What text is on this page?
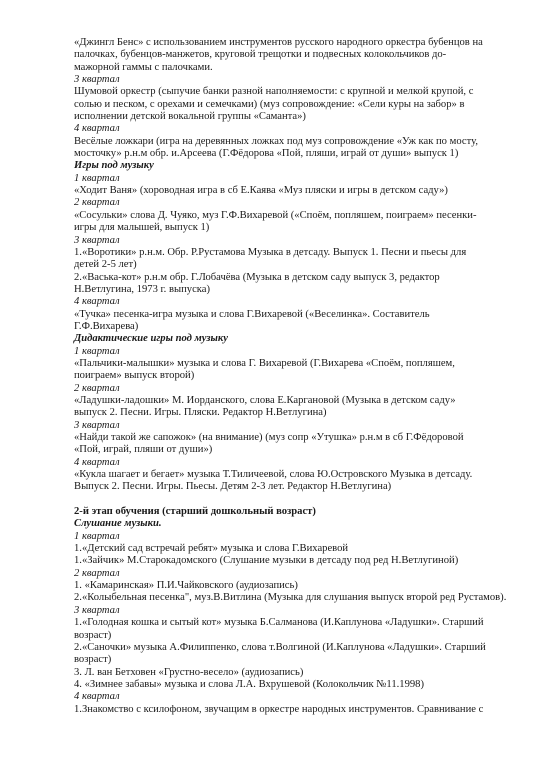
«Джингл Бенс» с использованием инструментов русского народного оркестра бубенцов на
палочках, бубенцов-манжетов, круговой трещотки и подвесных колокольчиков до-
мажорной гаммы с палочками.
3 квартал
Шумовой оркестр (сыпучие банки разной наполняемости: с крупной и мелкой крупой, с
солью и песком, с орехами и семечками) (муз сопровождение: «Сели куры на забор» в
исполнении детской вокальной группы «Саманта»)
4 квартал
Весёлые ложкари (игра на деревянных ложках под муз сопровождение «Уж как по мосту,
мосточку» р.н.м обр. и.Арсеева (Г.Фёдорова «Пой, пляши, играй от души» выпуск 1)
Игры под музыку
1 квартал
«Ходит Ваня» (хороводная игра в сб Е.Каява «Муз пляски и игры в детском саду»)
2 квартал
«Сосульки» слова Д. Чуяко, муз Г.Ф.Вихаревой («Споём, попляшем, поиграем» песенки-
игры для малышей, выпуск 1)
3 квартал
1.«Воротики» р.н.м. Обр. Р.Рустамова Музыка в детсаду. Выпуск 1. Песни и пьесы для
детей 2-5 лет)
2.«Васька-кот» р.н.м обр. Г.Лобачёва (Музыка в детском саду выпуск 3, редактор
Н.Ветлугина, 1973 г. выпуска)
4 квартал
«Тучка» песенка-игра музыка и слова Г.Вихаревой («Веселинка». Составитель
Г.Ф.Вихарева)
Дидактические игры под музыку
1 квартал
«Пальчики-малышки» музыка и слова Г. Вихаревой (Г.Вихарева «Споём, попляшем,
поиграем» выпуск второй)
2 квартал
«Ладушки-ладошки» М. Иорданского, слова Е.Каргановой (Музыка в детском саду»
выпуск 2. Песни. Игры. Пляски. Редактор Н.Ветлугина)
3 квартал
«Найди такой же сапожок» (на внимание) (муз сопр «Утушка» р.н.м в сб Г.Фёдоровой
«Пой, играй, пляши от души»)
4 квартал
«Кукла шагает и бегает» музыка Т.Тиличеевой, слова Ю.Островского Музыка в детсаду.
Выпуск 2. Песни. Игры. Пьесы. Детям 2-3 лет. Редактор Н.Ветлугина)
2-й этап обучения (старший дошкольный возраст)
Слушание музыки.
1 квартал
1.«Детский сад встречай ребят» музыка и слова Г.Вихаревой
1.«Зайчик» М.Старокадомского (Слушание музыки в детсаду под ред Н.Ветлугиной)
2 квартал
1. «Камаринская» П.И.Чайковского (аудиозапись)
2.«Колыбельная песенка", муз.В.Витлина (Музыка для слушания выпуск второй ред Рустамов).
3 квартал
1.«Голодная кошка и сытый кот» музыка Б.Салманова (И.Каплунова «Ладушки». Старший
возраст)
2.«Саночки» музыка А.Филиппенко, слова т.Волгиной (И.Каплунова «Ладушки». Старший
возраст)
3. Л. ван Бетховен «Грустно-весело» (аудиозапись)
4. «Зимнее забавы» музыка и слова Л.А. Вхрушевой (Колокольчик №11.1998)
4 квартал
1.Знакомство с ксилофоном, звучащим в оркестре народных инструментов. Сравнивание с
